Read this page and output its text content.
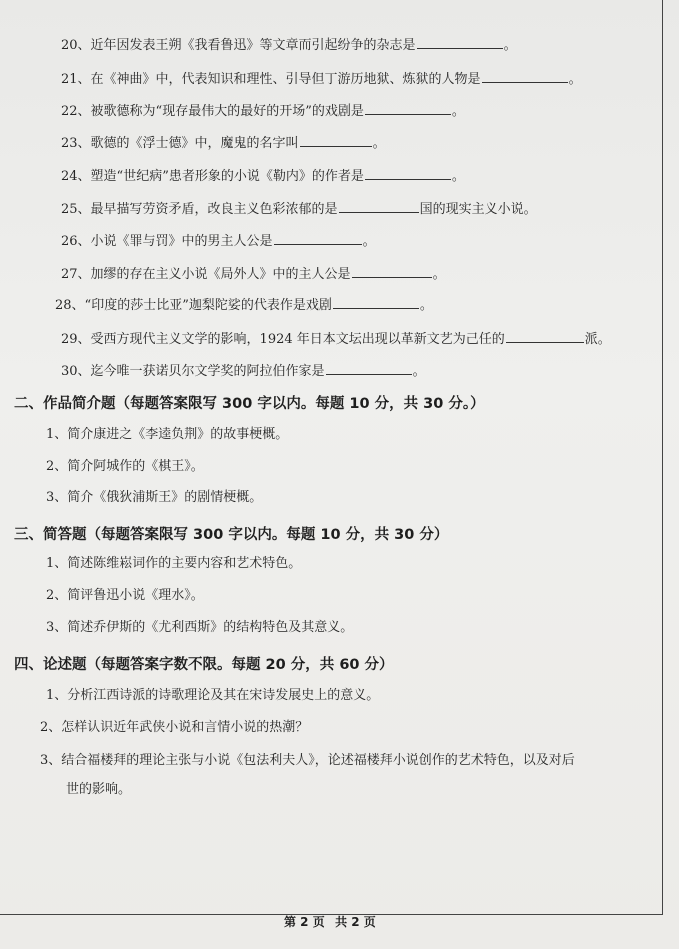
20、近年因发表王朔《我看鲁迅》等文章而引起纷争的杂志是	。
21、在《神曲》中，代表知识和理性、引导但丁游历地狱、炼狱的人物是	。
22、被歌德称为“现存最伟大的最好的开场”的戏剧是	。
23、歌德的《浮士德》中，魔鬼的名字叫	。
24、塑造“世纪病”患者形象的小说《勒内》的作者是	。
25、最早描写劳资矛盾，改良主义色彩浓郁的是	国的现实主义小说。
26、小说《罪与罚》中的男主人公是	。
27、加缪的存在主义小说《局外人》中的主人公是	。
28、“印度的莎士比亚”迦梨陀娑的代表作是戏剧	。
29、受西方现代主义文学的影响，1924 年日本文坛出现以革新文艺为己任的	派。
30、迄今唯一获诺贝尔文学奖的阿拉伯作家是	。
二、作品简介题（每题答案限写 300 字以内。每题 10 分，共 30 分。）
1、简介康进之《李逵负荆》的故事梗概。
2、简介阿城作的《棋王》。
3、简介《俄狄浦斯王》的剧情梗概。
三、简答题（每题答案限写 300 字以内。每题 10 分，共 30 分）
1、简述陈维崧词作的主要内容和艺术特色。
2、简评鲁迅小说《理水》。
3、简述乔伊斯的《尤利西斯》的结构特色及其意义。
四、论述题（每题答案字数不限。每题 20 分，共 60 分）
1、分析江西诗派的诗歌理论及其在宋诗发展史上的意义。
2、怎样认识近年武侠小说和言情小说的热潮？
3、结合福楼拜的理论主张与小说《包法利夫人》，论述福楼拜小说创作的艺术特色，以及对后
世的影响。
第 2 页 共 2 页
